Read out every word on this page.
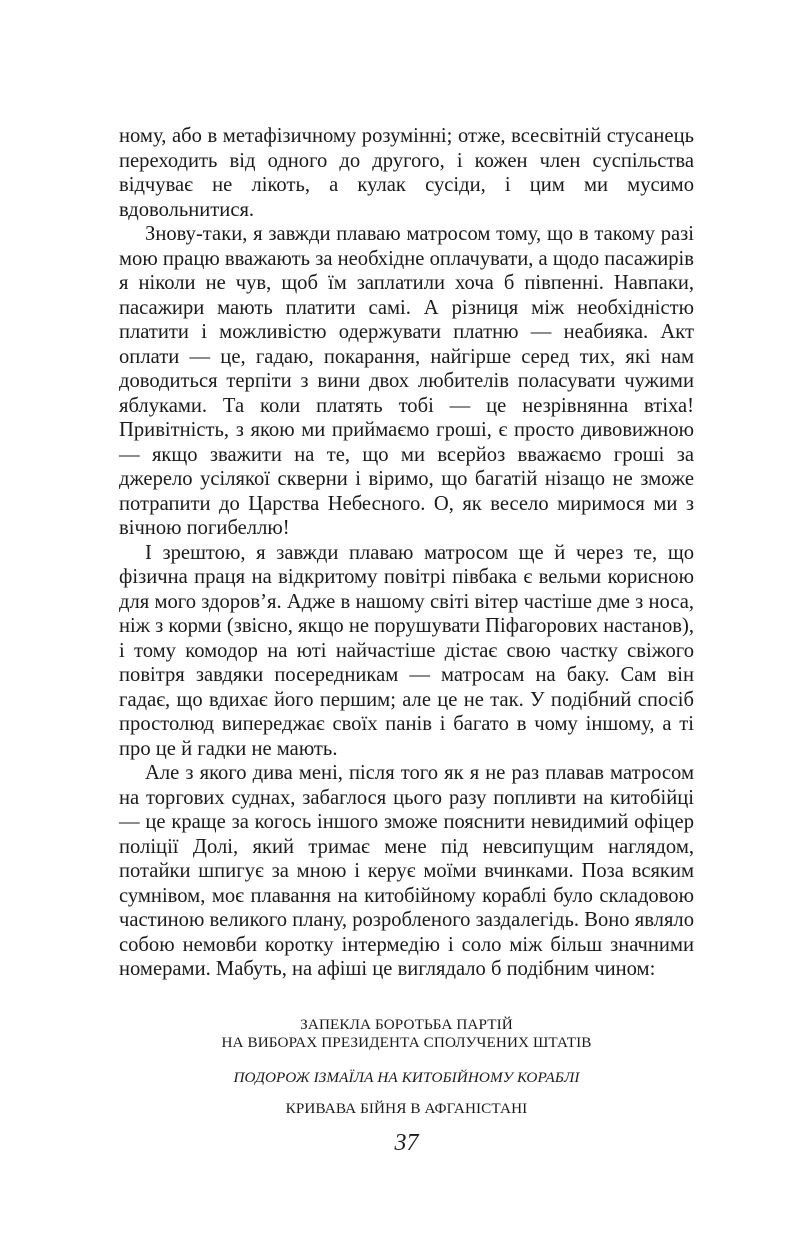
ному, або в метафізичному розумінні; отже, всесвітній стусанець переходить від одного до другого, і кожен член суспільства відчуває не лікоть, а кулак сусіди, і цим ми мусимо вдовольнитися.

Знову-таки, я завжди плаваю матросом тому, що в такому разі мою працю вважають за необхідне оплачувати, а щодо пасажирів я ніколи не чув, щоб їм заплатили хоча б півпенні. Навпаки, пасажири мають платити самі. А різниця між необхідністю платити і можливістю одержувати платню — неабияка. Акт оплати — це, гадаю, покарання, найгірше серед тих, які нам доводиться терпіти з вини двох любителів поласувати чужими яблуками. Та коли платять тобі — це незрівнянна втіха! Привітність, з якою ми приймаємо гроші, є просто дивовижною — якщо зважити на те, що ми всерйоз вважаємо гроші за джерело усілякої скверни і віримо, що багатій нізащо не зможе потрапити до Царства Небесного. О, як весело миримося ми з вічною погибеллю!

І зрештою, я завжди плаваю матросом ще й через те, що фізична праця на відкритому повітрі півбака є вельми корисною для мого здоров’я. Адже в нашому світі вітер частіше дме з носа, ніж з корми (звісно, якщо не порушувати Піфагорових настанов), і тому комодор на юті найчастіше дістає свою частку свіжого повітря завдяки посередникам — матросам на баку. Сам він гадає, що вдихає його першим; але це не так. У подібний спосіб простолюд випереджає своїх панів і багато в чому іншому, а ті про це й гадки не мають.

Але з якого дива мені, після того як я не раз плавав матросом на торгових суднах, забаглося цього разу попливти на китобійці — це краще за когось іншого зможе пояснити невидимий офіцер поліції Долі, який тримає мене під невсипущим наглядом, потайки шпигує за мною і керує моїми вчинками. Поза всяким сумнівом, моє плавання на китобійному кораблі було складовою частиною великого плану, розробленого заздалегідь. Воно являло собою немовби коротку інтермедію і соло між більш значними номерами. Мабуть, на афіші це виглядало б подібним чином:

ЗАПЕКЛА БОРОТЬБА ПАРТІЙ
НА ВИБОРАХ ПРЕЗИДЕНТА СПОЛУЧЕНИХ ШТАТІВ
ПОДОРОЖ ІЗМАЇЛА НА КИТОБІЙНОМУ КОРАБЛІ
КРИВАВА БІЙНЯ В АФГАНІСТАНІ
37
